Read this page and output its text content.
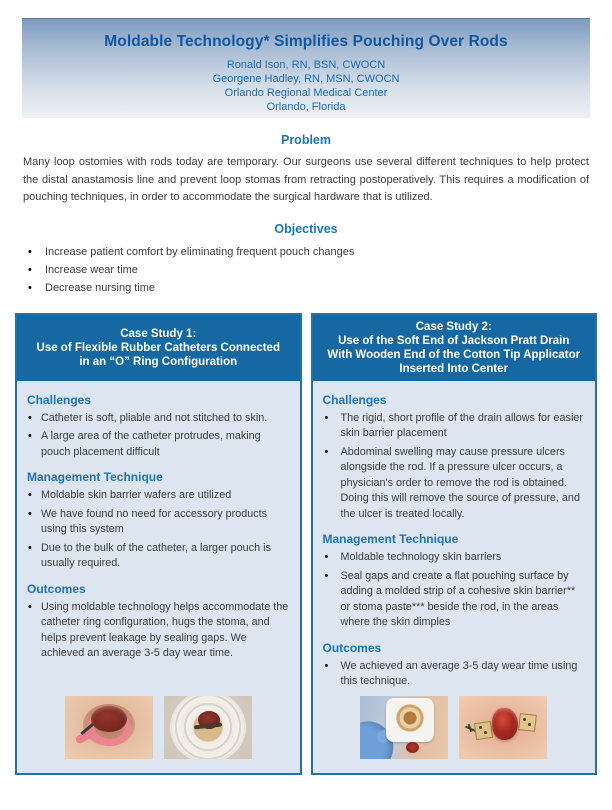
Moldable Technology* Simplifies Pouching Over Rods
Ronald Ison, RN, BSN, CWOCN
Georgene Hadley, RN, MSN, CWOCN
Orlando Regional Medical Center
Orlando, Florida
Problem
Many loop ostomies with rods today are temporary. Our surgeons use several different techniques to help protect the distal anastamosis line and prevent loop stomas from retracting postoperatively. This requires a modification of pouching techniques, in order to accommodate the surgical hardware that is utilized.
Objectives
• Increase patient comfort by eliminating frequent pouch changes
• Increase wear time
• Decrease nursing time
Case Study 1:
Use of Flexible Rubber Catheters Connected
in an “O” Ring Configuration
Challenges
• Catheter is soft, pliable and not stitched to skin.
• A large area of the catheter protrudes, making pouch placement difficult
Management Technique
• Moldable skin barrier wafers are utilized
• We have found no need for accessory products using this system
• Due to the bulk of the catheter, a larger pouch is usually required.
Outcomes
• Using moldable technology helps accommodate the catheter ring configuration, hugs the stoma, and helps prevent leakage by sealing gaps. We achieved an average 3-5 day wear time.
Case Study 2:
Use of the Soft End of Jackson Pratt Drain
With Wooden End of the Cotton Tip Applicator
Inserted Into Center
Challenges
• The rigid, short profile of the drain allows for easier skin barrier placement
• Abdominal swelling may cause pressure ulcers alongside the rod. If a pressure ulcer occurs, a physician's order to remove the rod is obtained. Doing this will remove the source of pressure, and the ulcer is treated locally.
Management Technique
• Moldable technology skin barriers
• Seal gaps and create a flat pouching surface by adding a molded strip of a cohesive skin barrier** or stoma paste*** beside the rod, in the areas where the skin dimples
Outcomes
• We achieved an average 3-5 day wear time using this technique.
